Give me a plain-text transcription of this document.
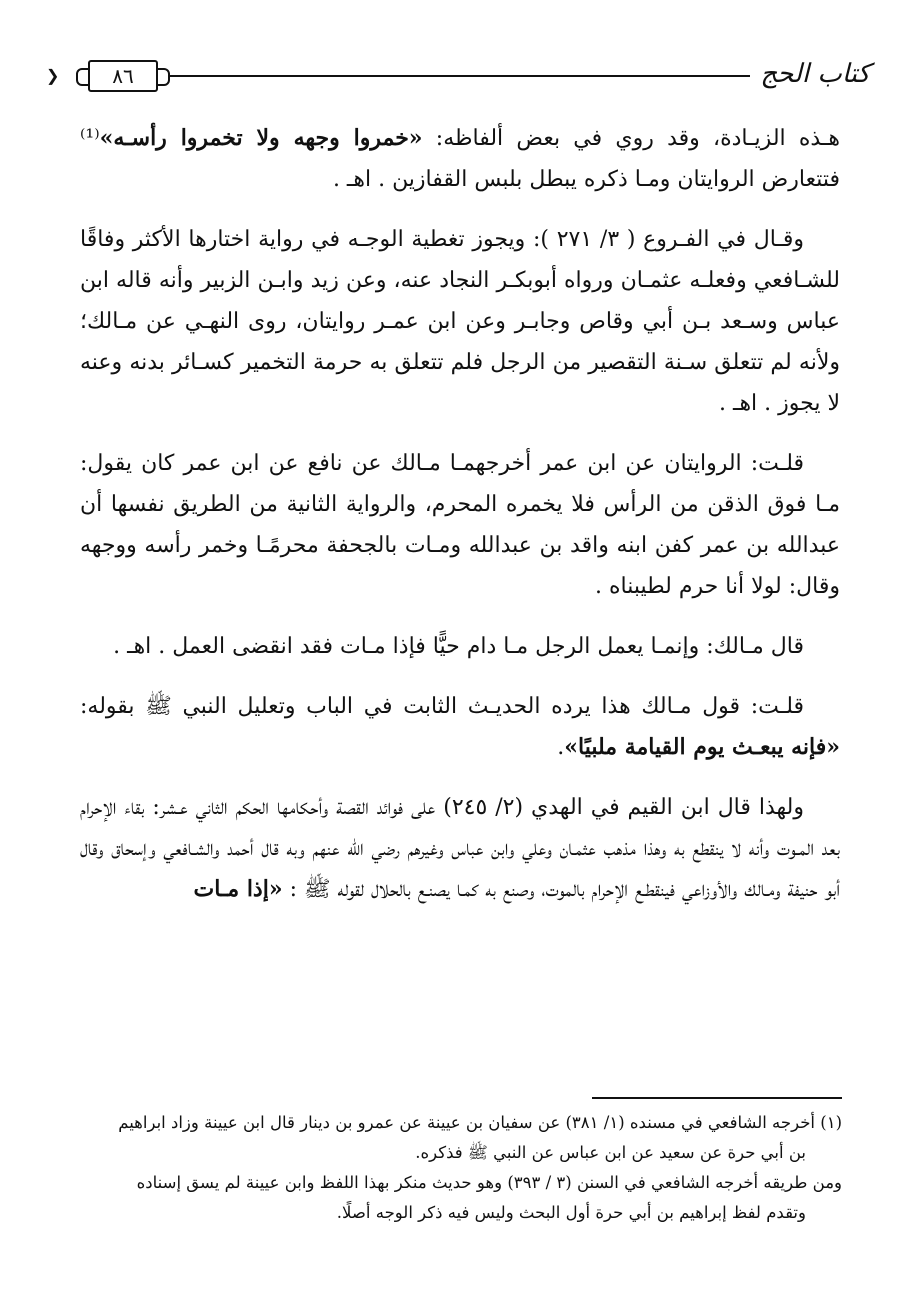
كتاب الحج
٨٦
❮

هـذه الزيـادة، وقد روي في بعض ألفاظه: «خمروا وجهه ولا تخمروا رأسـه»⁽¹⁾ فتتعارض الروايتان ومـا ذكره يبطل بلبس القفازين . اهـ .

وقـال في الفـروع ( ٣/ ٢٧١ ): ويجوز تغطية الوجـه في رواية اختارها الأكثر وفاقًا للشـافعي وفعلـه عثمـان ورواه أبوبكـر النجاد عنه، وعن زيد وابـن الزبير وأنه قاله ابن عباس وسـعد بـن أبي وقاص وجابـر وعن ابن عمـر روايتان، روى النهـي عن مـالك؛ ولأنه لم تتعلق سـنة التقصير من الرجل فلم تتعلق به حرمة التخمير كسـائر بدنه وعنه لا يجوز . اهـ .

قلـت: الروايتان عن ابن عمر أخرجهمـا مـالك عن نافع عن ابن عمر كان يقول: مـا فوق الذقن من الرأس فلا يخمره المحرم، والرواية الثانية من الطريق نفسها أن عبدالله بن عمر كفن ابنه واقد بن عبدالله ومـات بالجحفة محرمًـا وخمر رأسه ووجهه وقال: لولا أنا حرم لطيبناه .

قال مـالك: وإنمـا يعمل الرجل مـا دام حيًّا فإذا مـات فقد انقضى العمل . اهـ .

قلـت: قول مـالك هذا يرده الحديـث الثابت في الباب وتعليل النبي ﷺ بقوله: «فإنه يبعـث يوم القيامة ملبيًا».

ولهذا قال ابن القيم في الهدي (٢/ ٢٤٥) على فوائد القصة وأحكامها الحكم الثاني عـشر: بقاء الإحرام بعد المـوت وأنه لا ينقطع به وهذا مذهب عثمـان وعلي وابن عباس وغيرهم رضي الله عنهم وبه قال أحمد والشـافعي وإسحاق وقال أبو حنيفة ومـالك والأوزاعي فينقطـع الإحرام بالموت، وصنع به كمـا يصنـع بالحلال لقوله ﷺ : «إذا مـات

(١) أخرجه الشافعي في مسنده (١/ ٣٨١) عن سفيان بن عيينة عن عمرو بن دينار قال ابن عيينة وزاد ابراهيم

بن أبي حرة عن سعيد عن ابن عباس عن النبي ﷺ فذكره.

ومن طريقه أخرجه الشافعي في السنن (٣ / ٣٩٣) وهو حديث منكر بهذا اللفظ وابن عيينة لم يسق إسناده

وتقدم لفظ إبراهيم بن أبي حرة أول البحث وليس فيه ذكر الوجه أصلًا.
